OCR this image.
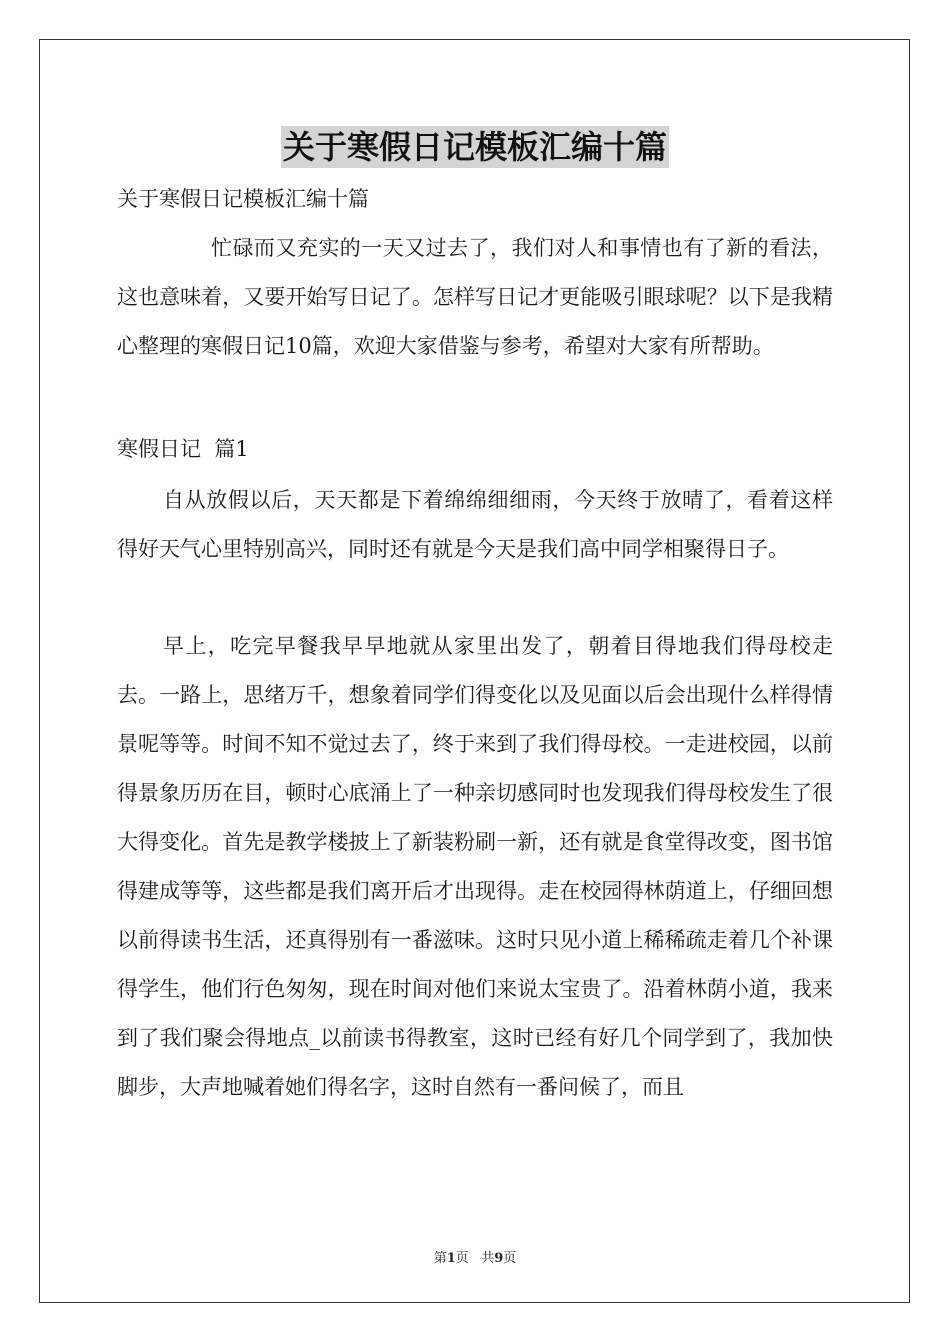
关于寒假日记模板汇编十篇
关于寒假日记模板汇编十篇

忙碌而又充实的一天又过去了，我们对人和事情也有了新的看法，这也意味着，又要开始写日记了。怎样写日记才更能吸引眼球呢？以下是我精心整理的寒假日记10篇，欢迎大家借鉴与参考，希望对大家有所帮助。

寒假日记  篇1

自从放假以后，天天都是下着绵绵细细雨，今天终于放晴了，看着这样得好天气心里特别高兴，同时还有就是今天是我们高中同学相聚得日子。

早上，吃完早餐我早早地就从家里出发了，朝着目得地我们得母校走去。一路上，思绪万千，想象着同学们得变化以及见面以后会出现什么样得情景呢等等。时间不知不觉过去了，终于来到了我们得母校。一走进校园，以前得景象历历在目，顿时心底涌上了一种亲切感同时也发现我们得母校发生了很大得变化。首先是教学楼披上了新装粉刷一新，还有就是食堂得改变，图书馆得建成等等，这些都是我们离开后才出现得。走在校园得林荫道上，仔细回想以前得读书生活，还真得别有一番滋味。这时只见小道上稀稀疏走着几个补课得学生，他们行色匆匆，现在时间对他们来说太宝贵了。沿着林荫小道，我来到了我们聚会得地点_以前读书得教室，这时已经有好几个同学到了，我加快脚步，大声地喊着她们得名字，这时自然有一番问候了，而且

第1页 共9页
